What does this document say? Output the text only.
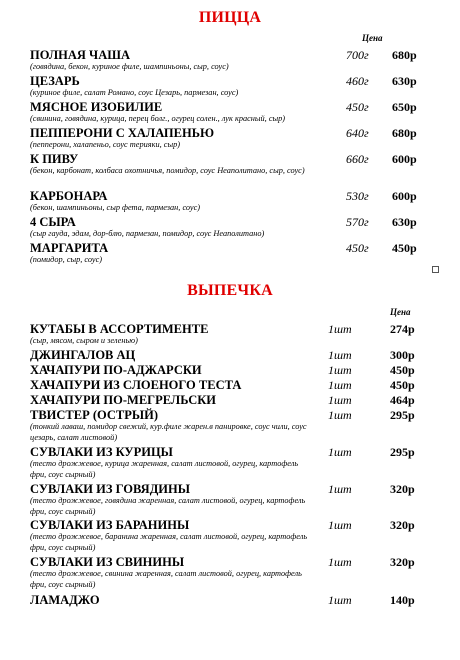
ПИЦЦА
Цена
ПОЛНАЯ ЧАША
(говядина, бекон, куриное филе, шампиньоны, сыр, соус)
700г 680р
ЦЕЗАРЬ
(куриное филе, салат Романо, соус Цезарь, пармезан, соус)
460г 630р
МЯСНОЕ ИЗОБИЛИЕ
(свинина, говядина, курица, перец болг., огурец солен., лук красный, сыр)
450г 650р
ПЕППЕРОНИ С ХАЛАПЕНЬЮ
(пепперони, халапеньо, соус терияки, сыр)
640г 680р
К ПИВУ
(бекон, карбонат, колбаса охотничья, помидор, соус Неаполитано, сыр, соус)
660г 600р
КАРБОНАРА
(бекон, шампиньоны, сыр фета, пармезан, соус)
530г 600р
4 СЫРА
(сыр гауда, эдам, дор-блю, пармезан, помидор, соус Неаполитано)
570г 630р
МАРГАРИТА
(помидор, сыр, соус)
450г 450р
ВЫПЕЧКА
Цена
КУТАБЫ В АССОРТИМЕНТЕ
(сыр, мясом, сыром и зеленью)
1шт	274р
ДЖИНГАЛОВ АЦ	1шт	300р
ХАЧАПУРИ ПО-АДЖАРСКИ	1шт	450р
ХАЧАПУРИ ИЗ СЛОЕНОГО ТЕСТА	1шт	450р
ХАЧАПУРИ ПО-МЕГРЕЛЬСКИ	1шт	464р
ТВИСТЕР (ОСТРЫЙ)
(тонкий лаваш, помидор свежий, кур.филе жарен.в панировке, соус чили, соус цезарь, салат листовой)
1шт	295р
СУВЛАКИ ИЗ КУРИЦЫ
(тесто дрожжевое, курица жаренная, салат листовой, огурец, картофель фри, соус сырный)
1шт	295р
СУВЛАКИ ИЗ ГОВЯДИНЫ
(тесто дрожжевое, говядина жаренная, салат листовой, огурец, картофель фри, соус сырный)
1шт	320р
СУВЛАКИ ИЗ БАРАНИНЫ
(тесто дрожжевое, баранина жаренная, салат листовой, огурец, картофель фри, соус сырный)
1шт	320р
СУВЛАКИ ИЗ СВИНИНЫ
(тесто дрожжевое, свинина жаренная, салат листовой, огурец, картофель фри, соус сырный)
1шт	320р
ЛАМАДЖО	1шт	140р
